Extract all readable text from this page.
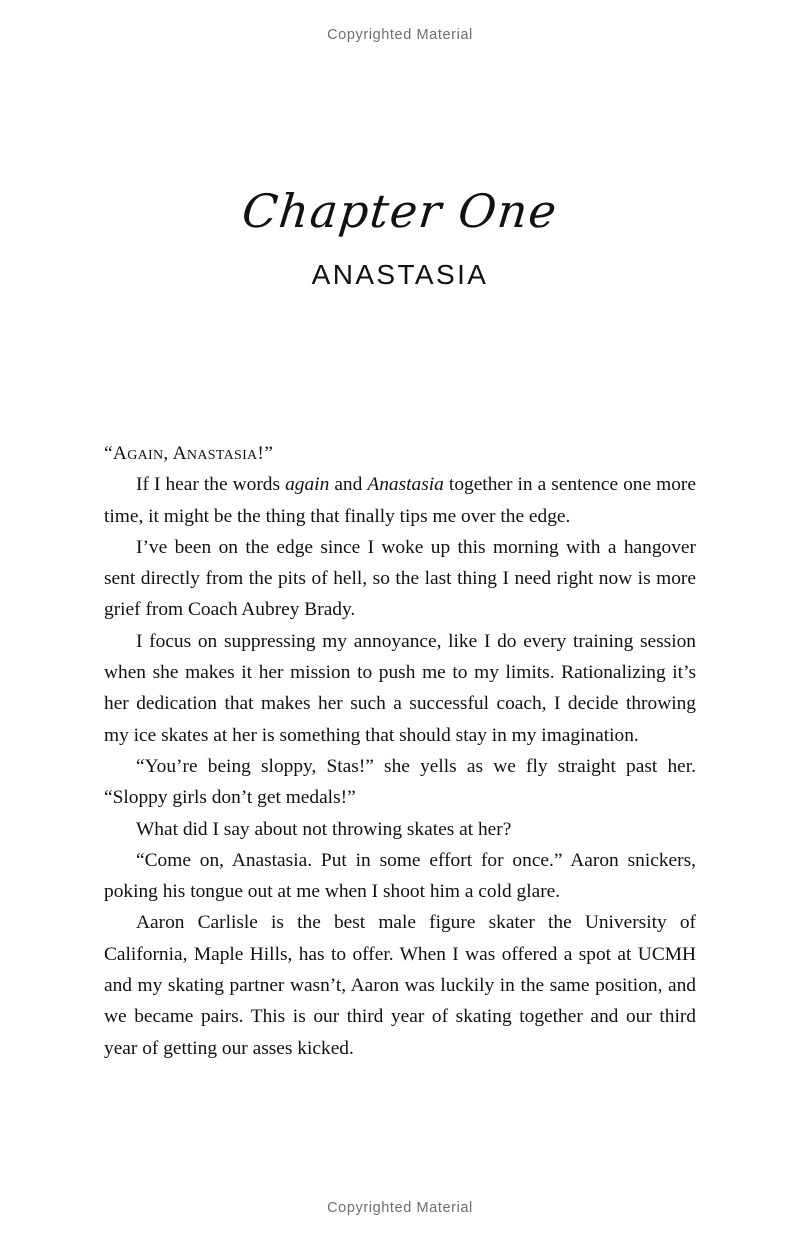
Copyrighted Material
Chapter One
ANASTASIA

“Again, Anastasia!”

If I hear the words again and Anastasia together in a sentence one more time, it might be the thing that finally tips me over the edge.

I’ve been on the edge since I woke up this morning with a hangover sent directly from the pits of hell, so the last thing I need right now is more grief from Coach Aubrey Brady.

I focus on suppressing my annoyance, like I do every training session when she makes it her mission to push me to my limits. Rationalizing it’s her dedication that makes her such a successful coach, I decide throwing my ice skates at her is something that should stay in my imagination.

“You’re being sloppy, Stas!” she yells as we fly straight past her. “Sloppy girls don’t get medals!”

What did I say about not throwing skates at her?

“Come on, Anastasia. Put in some effort for once.” Aaron snickers, poking his tongue out at me when I shoot him a cold glare.

Aaron Carlisle is the best male figure skater the University of California, Maple Hills, has to offer. When I was offered a spot at UCMH and my skating partner wasn’t, Aaron was luckily in the same position, and we became pairs. This is our third year of skating together and our third year of getting our asses kicked.

Copyrighted Material
